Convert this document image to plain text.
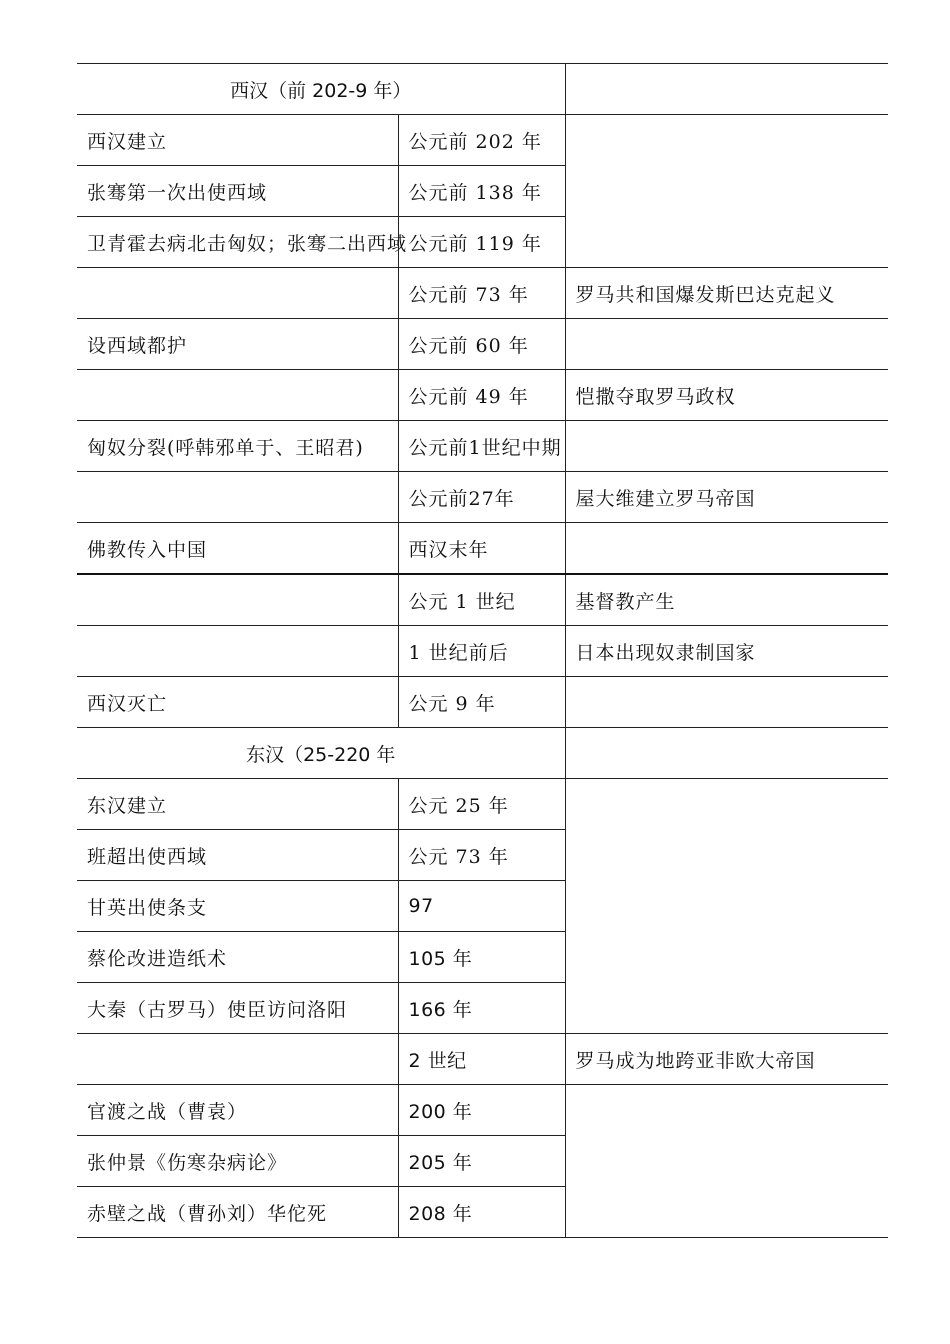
西汉（前 202-9 年）		
西汉建立	公元前 202 年	
张骞第一次出使西域	公元前 138 年	
卫青霍去病北击匈奴；张骞二出西域	公元前 119 年	
	公元前 73 年	罗马共和国爆发斯巴达克起义
设西域都护	公元前 60 年	
	公元前 49 年	恺撒夺取罗马政权
匈奴分裂(呼韩邪单于、王昭君)	公元前1世纪中期	
	公元前27年	屋大维建立罗马帝国
佛教传入中国	西汉末年	
	公元 1 世纪	基督教产生
	1 世纪前后	日本出现奴隶制国家
西汉灭亡	公元 9 年	
东汉（25-220 年		
东汉建立	公元 25 年	
班超出使西域	公元 73 年	
甘英出使条支	97	
蔡伦改进造纸术	105 年	
大秦（古罗马）使臣访问洛阳	166 年	
	2 世纪	罗马成为地跨亚非欧大帝国
官渡之战（曹袁）	200 年	
张仲景《伤寒杂病论》	205 年	
赤壁之战（曹孙刘）华佗死	208 年	
